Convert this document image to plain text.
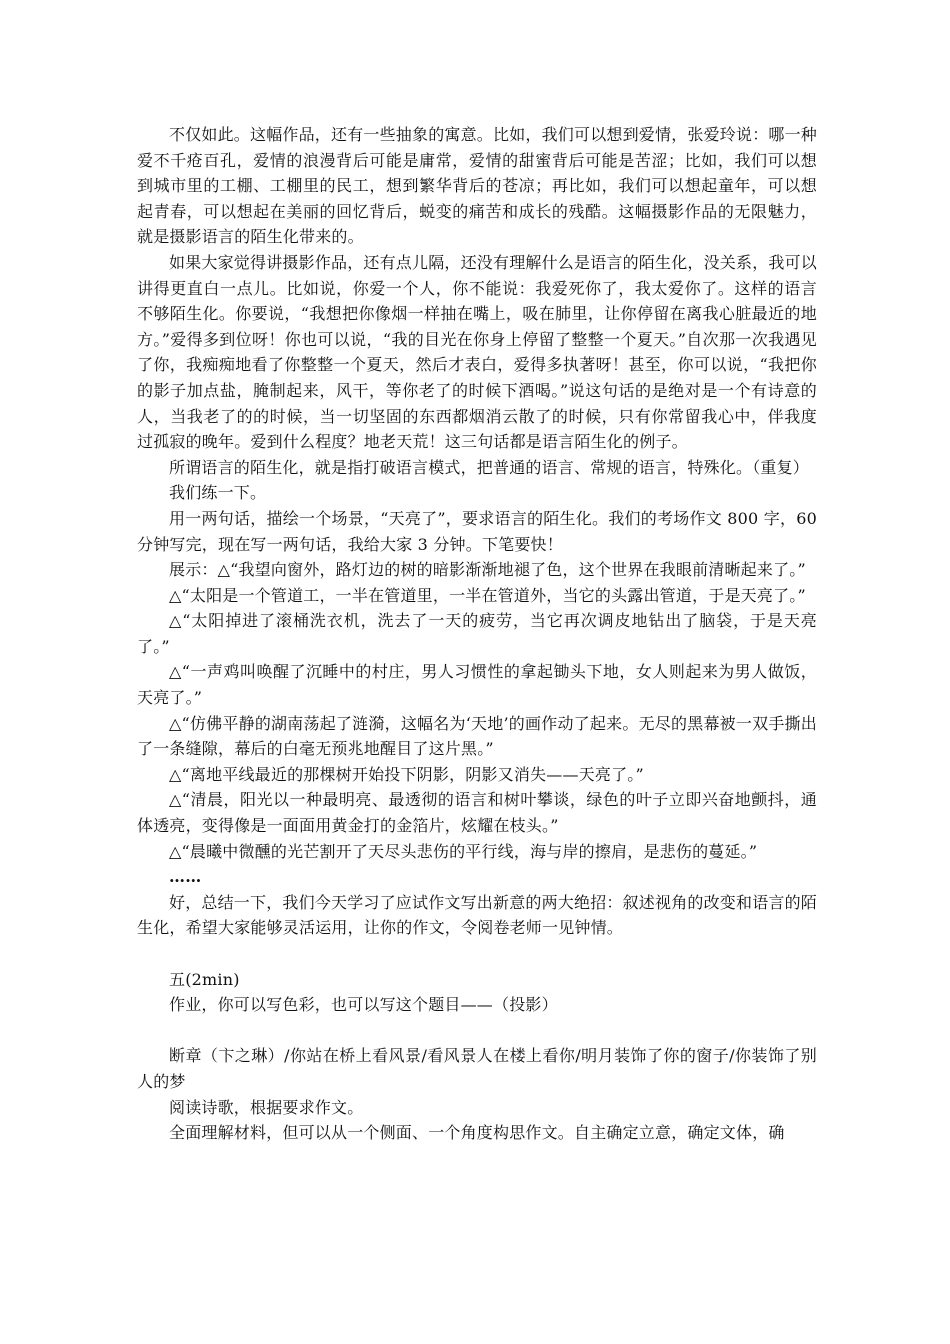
不仅如此。这幅作品，还有一些抽象的寓意。比如，我们可以想到爱情，张爱玲说：哪一种爱不千疮百孔，爱情的浪漫背后可能是庸常，爱情的甜蜜背后可能是苦涩；比如，我们可以想到城市里的工棚、工棚里的民工，想到繁华背后的苍凉；再比如，我们可以想起童年，可以想起青春，可以想起在美丽的回忆背后，蜕变的痛苦和成长的残酷。这幅摄影作品的无限魅力，就是摄影语言的陌生化带来的。

如果大家觉得讲摄影作品，还有点儿隔，还没有理解什么是语言的陌生化，没关系，我可以讲得更直白一点儿。比如说，你爱一个人，你不能说：我爱死你了，我太爱你了。这样的语言不够陌生化。你要说，“我想把你像烟一样抽在嘴上，吸在肺里，让你停留在离我心脏最近的地方。”爱得多到位呀！你也可以说，“我的目光在你身上停留了整整一个夏天。”自次那一次我遇见了你，我痴痴地看了你整整一个夏天，然后才表白，爱得多执著呀！甚至，你可以说，“我把你的影子加点盐，腌制起来，风干，等你老了的时候下酒喝。”说这句话的是绝对是一个有诗意的人，当我老了的的时候，当一切坚固的东西都烟消云散了的时候，只有你常留我心中，伴我度过孤寂的晚年。爱到什么程度？地老天荒！这三句话都是语言陌生化的例子。

所谓语言的陌生化，就是指打破语言模式，把普通的语言、常规的语言，特殊化。（重复）

我们练一下。

用一两句话，描绘一个场景，“天亮了”，要求语言的陌生化。我们的考场作文 800 字，60 分钟写完，现在写一两句话，我给大家 3 分钟。下笔要快！

展示：△“我望向窗外，路灯边的树的暗影渐渐地褪了色，这个世界在我眼前清晰起来了。”

△“太阳是一个管道工，一半在管道里，一半在管道外，当它的头露出管道，于是天亮了。”

△“太阳掉进了滚桶洗衣机，洗去了一天的疲劳，当它再次调皮地钻出了脑袋，于是天亮了。”

△“一声鸡叫唤醒了沉睡中的村庄，男人习惯性的拿起锄头下地，女人则起来为男人做饭，天亮了。”

△“仿佛平静的湖南荡起了涟漪，这幅名为‘天地’的画作动了起来。无尽的黑幕被一双手撕出了一条缝隙，幕后的白毫无预兆地醒目了这片黑。”

△“离地平线最近的那棵树开始投下阴影，阴影又消失——天亮了。”

△“清晨，阳光以一种最明亮、最透彻的语言和树叶攀谈，绿色的叶子立即兴奋地颤抖，通体透亮，变得像是一面面用黄金打的金箔片，炫耀在枝头。”

△“晨曦中微醺的光芒割开了天尽头悲伤的平行线，海与岸的擦肩，是悲伤的蔓延。”

……

好，总结一下，我们今天学习了应试作文写出新意的两大绝招：叙述视角的改变和语言的陌生化，希望大家能够灵活运用，让你的作文，令阅卷老师一见钟情。

五(2min)

作业，你可以写色彩，也可以写这个题目——（投影）

断章（卞之琳）/你站在桥上看风景/看风景人在楼上看你/明月装饰了你的窗子/你装饰了别人的梦

阅读诗歌，根据要求作文。

全面理解材料，但可以从一个侧面、一个角度构思作文。自主确定立意，确定文体，确
